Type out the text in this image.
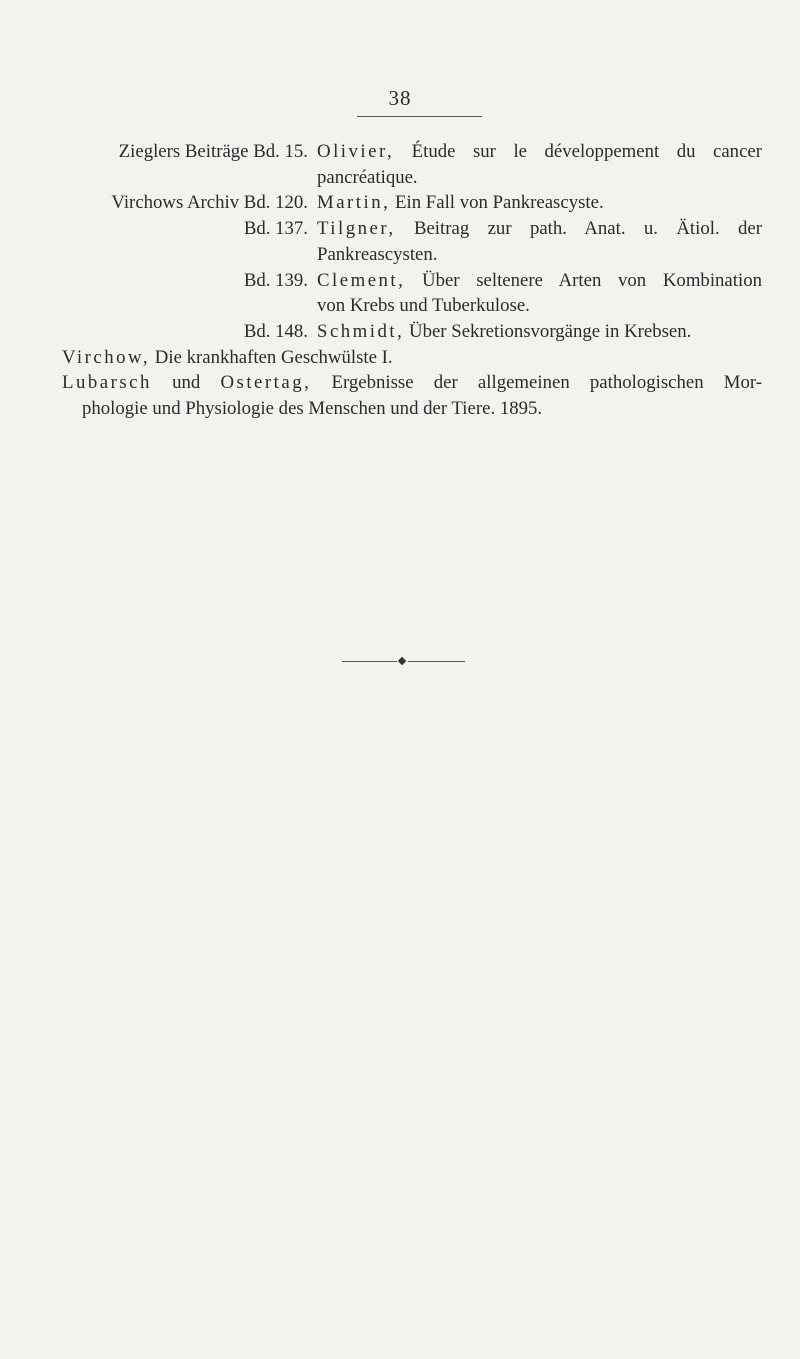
38
Zieglers Beiträge Bd. 15. Olivier, Étude sur le développement du cancer
pancréatique.
Virchows Archiv Bd. 120. Martin, Ein Fall von Pankreascyste.
Bd. 137. Tilgner, Beitrag zur path. Anat. u. Ätiol. der
Pankreascysten.
Bd. 139. Clement, Über seltenere Arten von Kombination
von Krebs und Tuberkulose.
Bd. 148. Schmidt, Über Sekretionsvorgänge in Krebsen.
Virchow, Die krankhaften Geschwülste I.
Lubarsch und Ostertag, Ergebnisse der allgemeinen pathologischen Mor-
phologie und Physiologie des Menschen und der Tiere. 1895.
